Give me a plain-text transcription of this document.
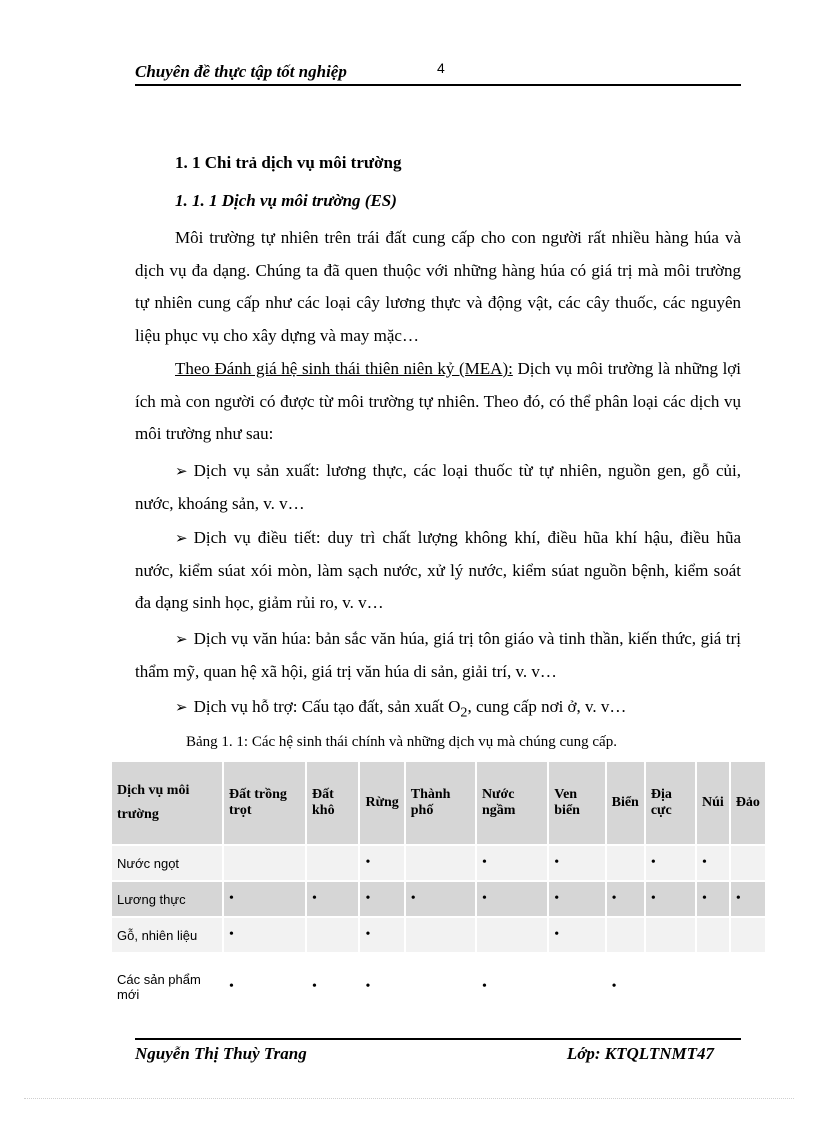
Chuyên đề thực tập tốt nghiệp	4
1. 1 Chi trả dịch vụ môi trường
1. 1. 1 Dịch vụ môi trường (ES)

Môi trường tự nhiên trên trái đất cung cấp cho con người rất nhiều hàng húa và dịch vụ đa dạng. Chúng ta đã quen thuộc với những hàng húa có giá trị mà môi trường tự nhiên cung cấp như các loại cây lương thực và động vật, các cây thuốc, các nguyên liệu phục vụ cho xây dựng và may mặc…

Theo Đánh giá hệ sinh thái thiên niên kỷ (MEA): Dịch vụ môi trường là những lợi ích mà con người có được từ môi trường tự nhiên. Theo đó, có thể phân loại các dịch vụ môi trường như sau:

➢ Dịch vụ sản xuất: lương thực, các loại thuốc từ tự nhiên, nguồn gen, gỗ củi, nước, khoáng sản, v. v…

➢ Dịch vụ điều tiết: duy trì chất lượng không khí, điều hũa khí hậu, điều hũa nước, kiểm súat xói mòn, làm sạch nước, xử lý nước, kiểm súat nguồn bệnh, kiểm soát đa dạng sinh học, giảm rủi ro, v. v…

➢ Dịch vụ văn húa: bản sắc văn húa, giá trị tôn giáo và tinh thần, kiến thức, giá trị thẩm mỹ, quan hệ xã hội, giá trị văn húa di sản, giải trí, v. v…

➢ Dịch vụ hỗ trợ: Cấu tạo đất, sản xuất $O_2$, cung cấp nơi ở, v. v…

Bảng 1. 1: Các hệ sinh thái chính và những dịch vụ mà chúng cung cấp.
Dịch vụ môi trường	Đất trồng trọt	Đất khô	Rừng	Thành phố	Nước ngầm	Ven biển	Biển	Địa cực	Núi	Đảo
Nước ngọt			•		•	•		•	•	
Lương thực	•	•	•	•	•	•	•	•	•	•
Gỗ, nhiên liệu	•		•			•				
Các sản phẩm mới	•	•	•		•		•			
Nguyễn Thị Thuỳ Trang	Lớp: KTQLTNMT47
